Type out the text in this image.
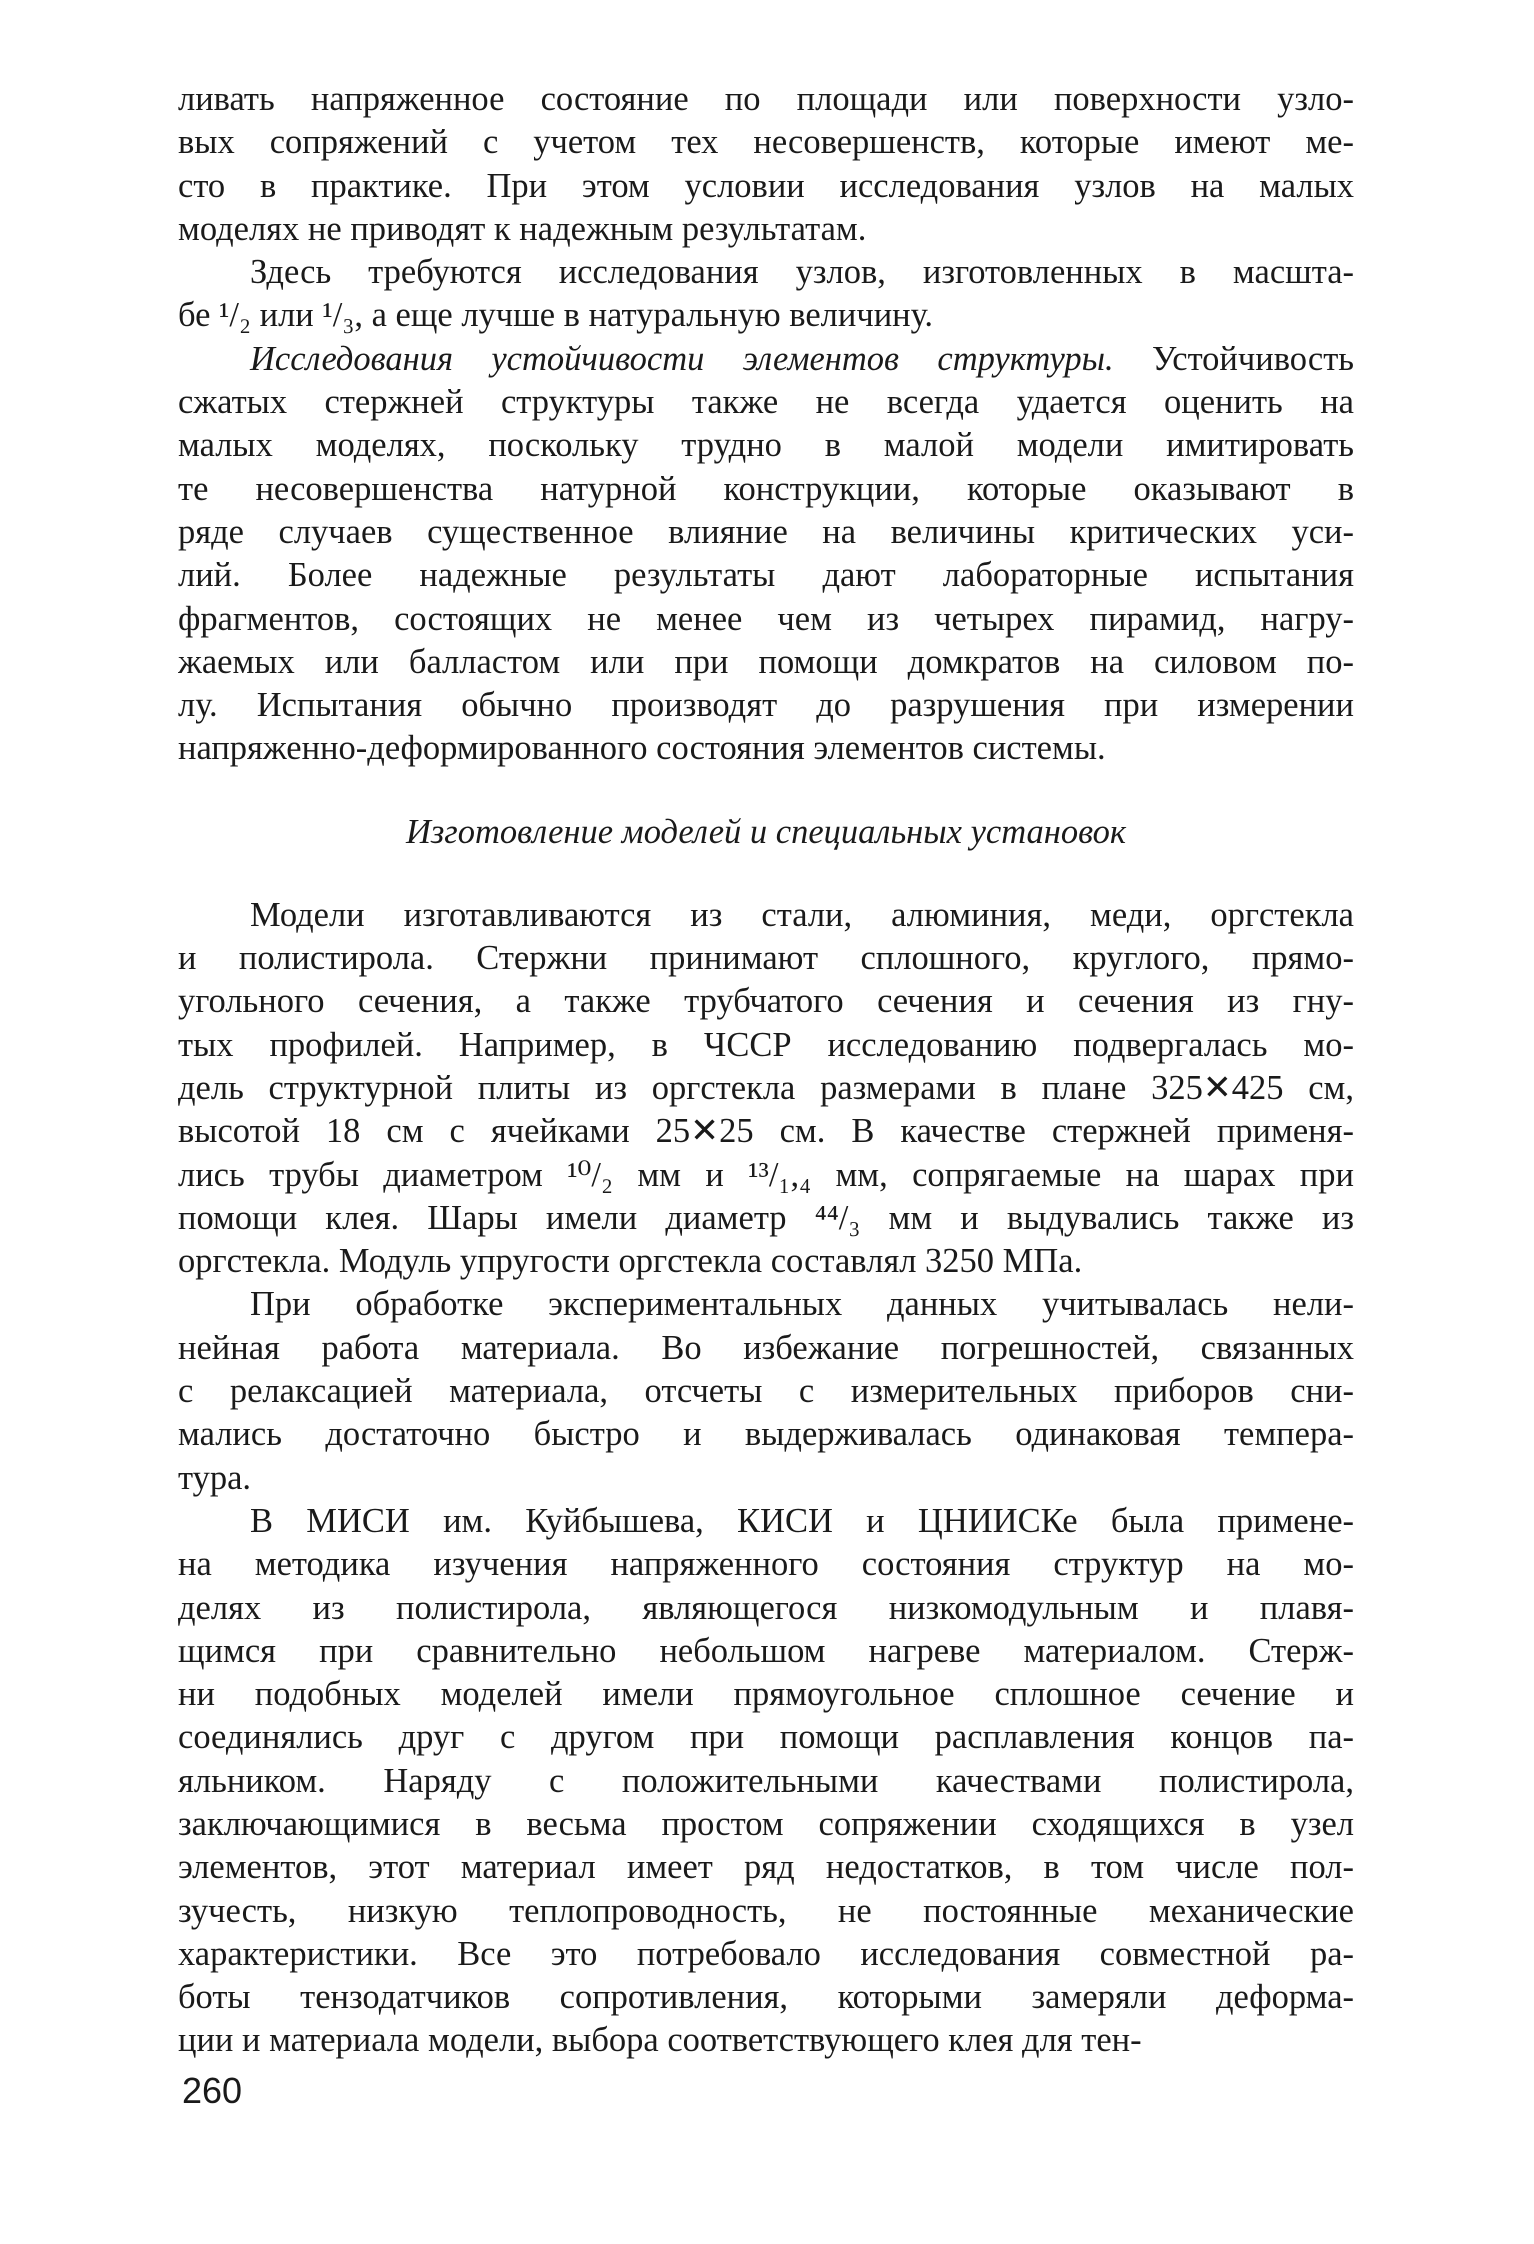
ливать напряженное состояние по площади или поверхности узло-
вых сопряжений с учетом тех несовершенств, которые имеют ме-
сто в практике. При этом условии исследования узлов на малых
моделях не приводят к надежным результатам.
Здесь требуются исследования узлов, изготовленных в масшта-
бе ¹/₂ или ¹/₃, а еще лучше в натуральную величину.
Исследования устойчивости элементов структуры. Устойчивость
сжатых стержней структуры также не всегда удается оценить на
малых моделях, поскольку трудно в малой модели имитировать
те несовершенства натурной конструкции, которые оказывают в
ряде случаев существенное влияние на величины критических уси-
лий. Более надежные результаты дают лабораторные испытания
фрагментов, состоящих не менее чем из четырех пирамид, нагру-
жаемых или балластом или при помощи домкратов на силовом по-
лу. Испытания обычно производят до разрушения при измерении
напряженно-деформированного состояния элементов системы.
Изготовление моделей и специальных установок
Модели изготавливаются из стали, алюминия, меди, оргстекла
и полистирола. Стержни принимают сплошного, круглого, прямо-
угольного сечения, а также трубчатого сечения и сечения из гну-
тых профилей. Например, в ЧССР исследованию подвергалась мо-
дель структурной плиты из оргстекла размерами в плане 325✕425 см,
высотой 18 см с ячейками 25✕25 см. В качестве стержней применя-
лись трубы диаметром ¹⁰/₂ мм и ¹³/₁,₄ мм, сопрягаемые на шарах при
помощи клея. Шары имели диаметр ⁴⁴/₃ мм и выдувались также из
оргстекла. Модуль упругости оргстекла составлял 3250 МПа.
При обработке экспериментальных данных учитывалась нели-
нейная работа материала. Во избежание погрешностей, связанных
с релаксацией материала, отсчеты с измерительных приборов сни-
мались достаточно быстро и выдерживалась одинаковая темпера-
тура.
В МИСИ им. Куйбышева, КИСИ и ЦНИИСКе была примене-
на методика изучения напряженного состояния структур на мо-
делях из полистирола, являющегося низкомодульным и плавя-
щимся при сравнительно небольшом нагреве материалом. Стерж-
ни подобных моделей имели прямоугольное сплошное сечение и
соединялись друг с другом при помощи расплавления концов па-
яльником. Наряду с положительными качествами полистирола,
заключающимися в весьма простом сопряжении сходящихся в узел
элементов, этот материал имеет ряд недостатков, в том числе пол-
зучесть, низкую теплопроводность, не постоянные механические
характеристики. Все это потребовало исследования совместной ра-
боты тензодатчиков сопротивления, которыми замеряли деформа-
ции и материала модели, выбора соответствующего клея для тен-
260
